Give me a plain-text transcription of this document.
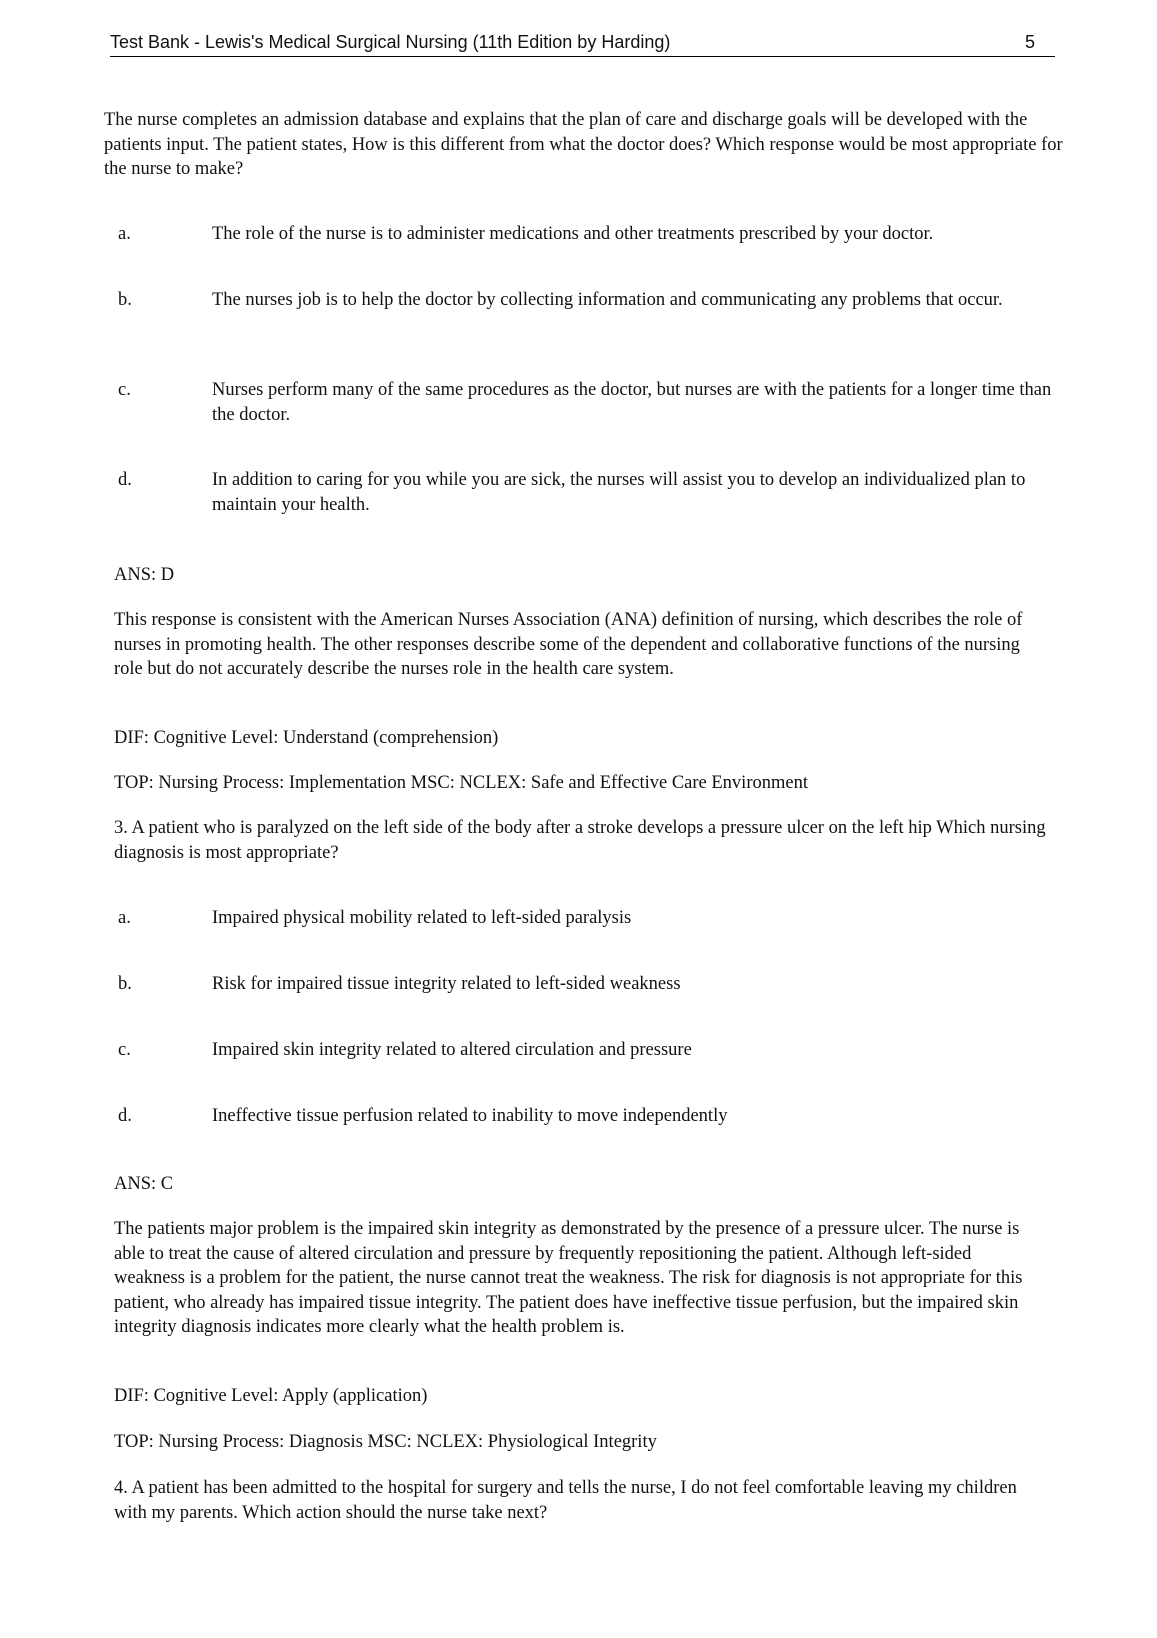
Test Bank - Lewis's Medical Surgical Nursing (11th Edition by Harding)	5

The nurse completes an admission database and explains that the plan of care and discharge goals will be developed with the patients input. The patient states, How is this different from what the doctor does? Which response would be most appropriate for the nurse to make?

a.	The role of the nurse is to administer medications and other treatments prescribed by your doctor.
b.	The nurses job is to help the doctor by collecting information and communicating any problems that occur.
c.	Nurses perform many of the same procedures as the doctor, but nurses are with the patients for a longer time than the doctor.
d.	In addition to caring for you while you are sick, the nurses will assist you to develop an individualized plan to maintain your health.

ANS: D

This response is consistent with the American Nurses Association (ANA) definition of nursing, which describes the role of nurses in promoting health. The other responses describe some of the dependent and collaborative functions of the nursing role but do not accurately describe the nurses role in the health care system.

DIF: Cognitive Level: Understand (comprehension)

TOP: Nursing Process: Implementation MSC: NCLEX: Safe and Effective Care Environment

3. A patient who is paralyzed on the left side of the body after a stroke develops a pressure ulcer on the left hip Which nursing diagnosis is most appropriate?

a.	Impaired physical mobility related to left-sided paralysis
b.	Risk for impaired tissue integrity related to left-sided weakness
c.	Impaired skin integrity related to altered circulation and pressure
d.	Ineffective tissue perfusion related to inability to move independently

ANS: C

The patients major problem is the impaired skin integrity as demonstrated by the presence of a pressure ulcer. The nurse is able to treat the cause of altered circulation and pressure by frequently repositioning the patient. Although left-sided weakness is a problem for the patient, the nurse cannot treat the weakness. The risk for diagnosis is not appropriate for this patient, who already has impaired tissue integrity. The patient does have ineffective tissue perfusion, but the impaired skin integrity diagnosis indicates more clearly what the health problem is.

DIF: Cognitive Level: Apply (application)

TOP: Nursing Process: Diagnosis MSC: NCLEX: Physiological Integrity

4. A patient has been admitted to the hospital for surgery and tells the nurse, I do not feel comfortable leaving my children with my parents. Which action should the nurse take next?
